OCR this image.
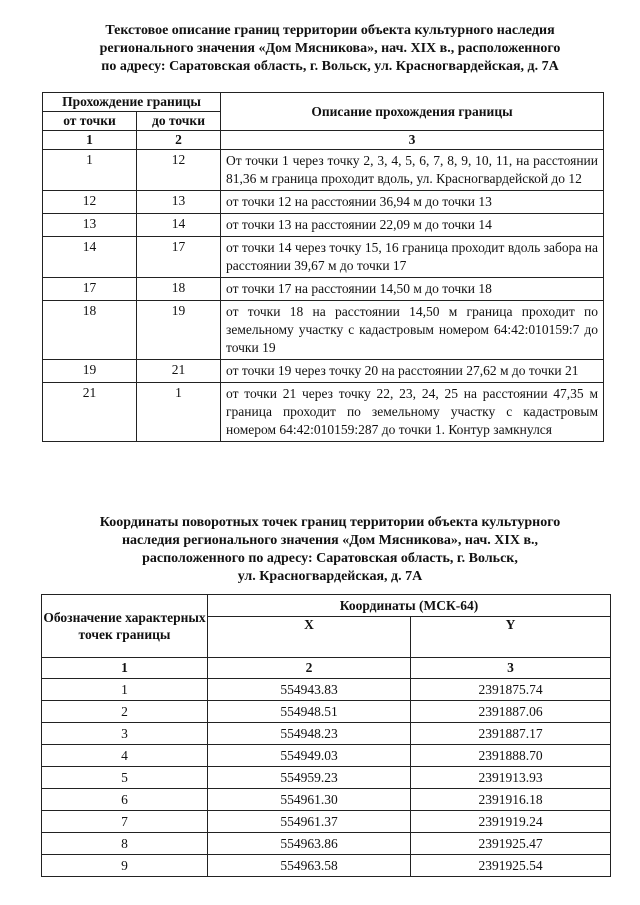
Текстовое описание границ территории объекта культурного наследия
регионального значения «Дом Мясникова», нач. XIX в., расположенного
по адресу: Саратовская область, г. Вольск, ул. Красногвардейская, д. 7А
Прохождение границы		Описание прохождения границы
от точки	до точки	
1	2	3
1	12	От точки 1 через точку 2, 3, 4, 5, 6, 7, 8, 9, 10, 11, на расстоянии 81,36 м граница проходит вдоль, ул. Красногвардейской до 12
12	13	от точки 12 на расстоянии 36,94 м до точки 13
13	14	от точки 13 на расстоянии 22,09 м до точки 14
14	17	от точки 14 через точку 15, 16 граница проходит вдоль забора на расстоянии 39,67 м до точки 17
17	18	от точки 17 на расстоянии 14,50 м до точки 18
18	19	от точки 18 на расстоянии 14,50 м граница проходит по земельному участку с кадастровым номером 64:42:010159:7 до точки 19
19	21	от точки 19 через точку 20 на расстоянии 27,62 м до точки 21
21	1	от точки 21 через точку 22, 23, 24, 25 на расстоянии 47,35 м граница проходит по земельному участку с кадастровым номером 64:42:010159:287 до точки 1. Контур замкнулся
Координаты поворотных точек границ территории объекта культурного
наследия регионального значения «Дом Мясникова», нач. XIX в.,
расположенного по адресу: Саратовская область, г. Вольск,
ул. Красногвардейская, д. 7А
Обозначение характерных точек границы	Координаты (МСК-64)	
	X	Y
1	2	3
1	554943.83	2391875.74
2	554948.51	2391887.06
3	554948.23	2391887.17
4	554949.03	2391888.70
5	554959.23	2391913.93
6	554961.30	2391916.18
7	554961.37	2391919.24
8	554963.86	2391925.47
9	554963.58	2391925.54
